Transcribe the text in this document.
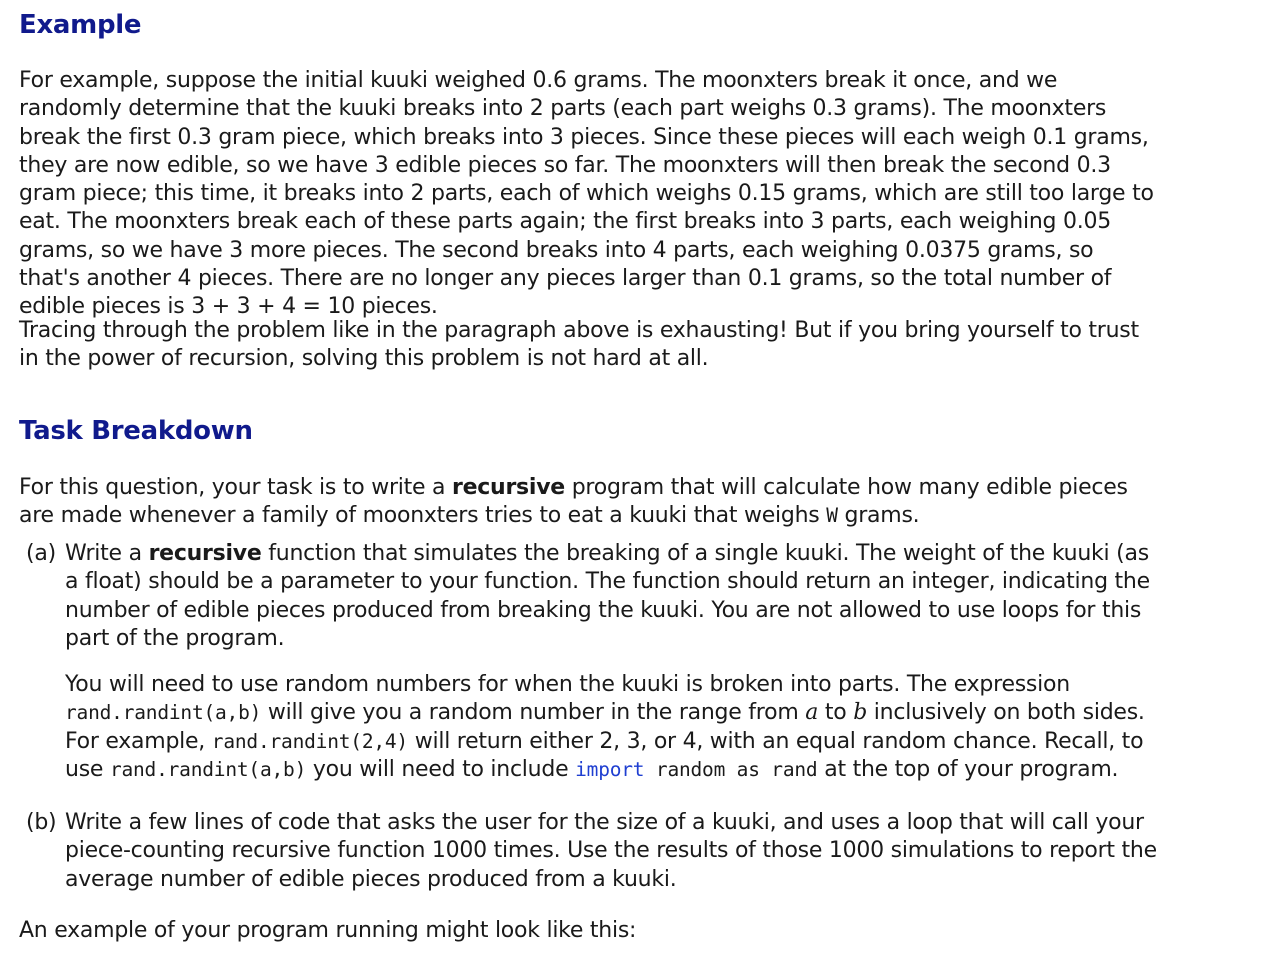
Example

For example, suppose the initial kuuki weighed 0.6 grams. The moonxters break it once, and we randomly determine that the kuuki breaks into 2 parts (each part weighs 0.3 grams). The moonxters break the first 0.3 gram piece, which breaks into 3 pieces. Since these pieces will each weigh 0.1 grams, they are now edible, so we have 3 edible pieces so far. The moonxters will then break the second 0.3 gram piece; this time, it breaks into 2 parts, each of which weighs 0.15 grams, which are still too large to eat. The moonxters break each of these parts again; the first breaks into 3 parts, each weighing 0.05 grams, so we have 3 more pieces. The second breaks into 4 parts, each weighing 0.0375 grams, so that's another 4 pieces. There are no longer any pieces larger than 0.1 grams, so the total number of edible pieces is 3 + 3 + 4 = 10 pieces.

Tracing through the problem like in the paragraph above is exhausting! But if you bring yourself to trust in the power of recursion, solving this problem is not hard at all.

Task Breakdown

For this question, your task is to write a recursive program that will calculate how many edible pieces are made whenever a family of moonxters tries to eat a kuuki that weighs W grams.

(a) Write a recursive function that simulates the breaking of a single kuuki. The weight of the kuuki (as a float) should be a parameter to your function. The function should return an integer, indicating the number of edible pieces produced from breaking the kuuki. You are not allowed to use loops for this part of the program.

You will need to use random numbers for when the kuuki is broken into parts. The expression rand.randint(a,b) will give you a random number in the range from a to b inclusively on both sides. For example, rand.randint(2,4) will return either 2, 3, or 4, with an equal random chance. Recall, to use rand.randint(a,b) you will need to include import random as rand at the top of your program.

(b) Write a few lines of code that asks the user for the size of a kuuki, and uses a loop that will call your piece-counting recursive function 1000 times. Use the results of those 1000 simulations to report the average number of edible pieces produced from a kuuki.

An example of your program running might look like this:
